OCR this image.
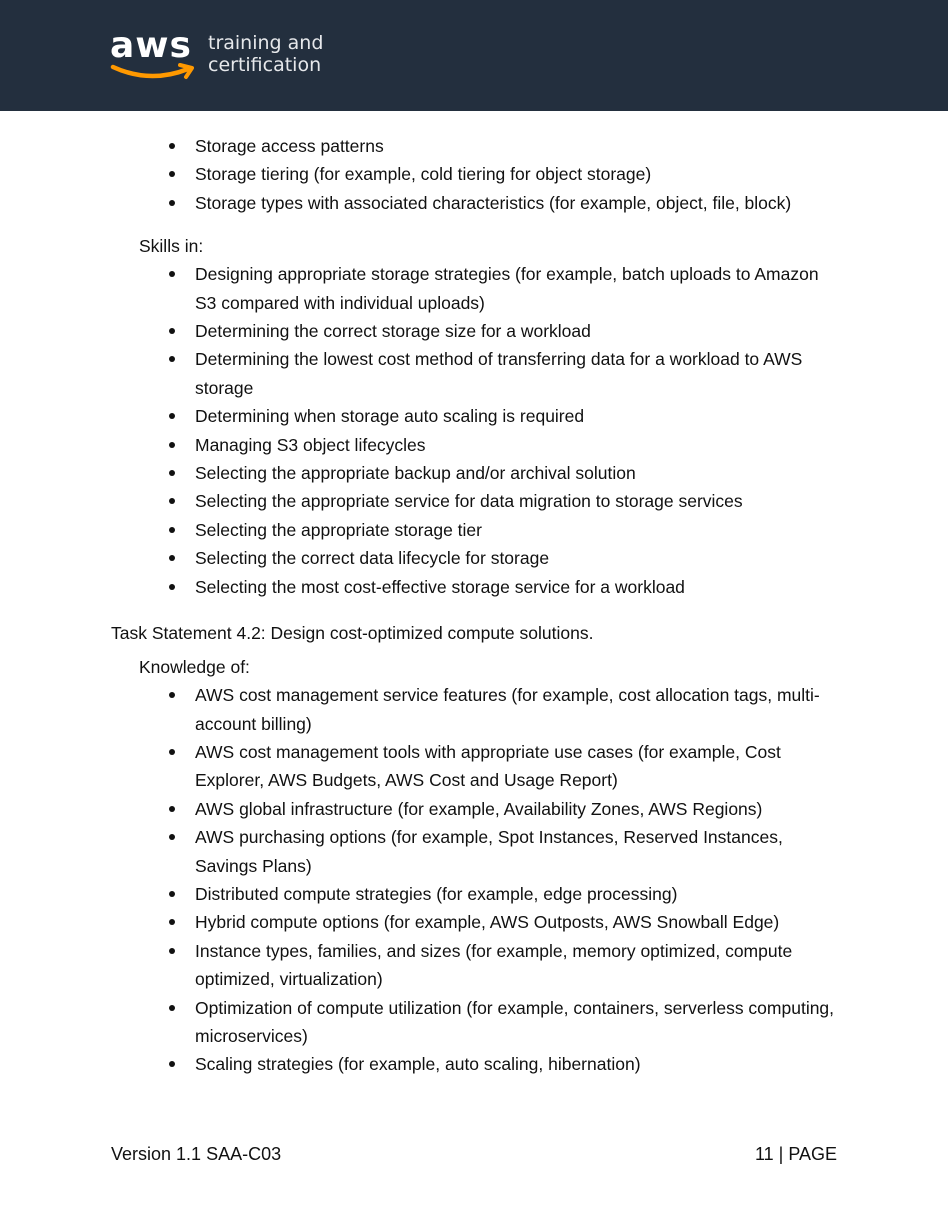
aws training and
certification
Storage access patterns
Storage tiering (for example, cold tiering for object storage)
Storage types with associated characteristics (for example, object, file, block)
Skills in:
Designing appropriate storage strategies (for example, batch uploads to Amazon S3 compared with individual uploads)
Determining the correct storage size for a workload
Determining the lowest cost method of transferring data for a workload to AWS storage
Determining when storage auto scaling is required
Managing S3 object lifecycles
Selecting the appropriate backup and/or archival solution
Selecting the appropriate service for data migration to storage services
Selecting the appropriate storage tier
Selecting the correct data lifecycle for storage
Selecting the most cost-effective storage service for a workload
Task Statement 4.2: Design cost-optimized compute solutions.
Knowledge of:
AWS cost management service features (for example, cost allocation tags, multi-account billing)
AWS cost management tools with appropriate use cases (for example, Cost Explorer, AWS Budgets, AWS Cost and Usage Report)
AWS global infrastructure (for example, Availability Zones, AWS Regions)
AWS purchasing options (for example, Spot Instances, Reserved Instances, Savings Plans)
Distributed compute strategies (for example, edge processing)
Hybrid compute options (for example, AWS Outposts, AWS Snowball Edge)
Instance types, families, and sizes (for example, memory optimized, compute optimized, virtualization)
Optimization of compute utilization (for example, containers, serverless computing, microservices)
Scaling strategies (for example, auto scaling, hibernation)
Version 1.1 SAA-C03	11 | PAGE
